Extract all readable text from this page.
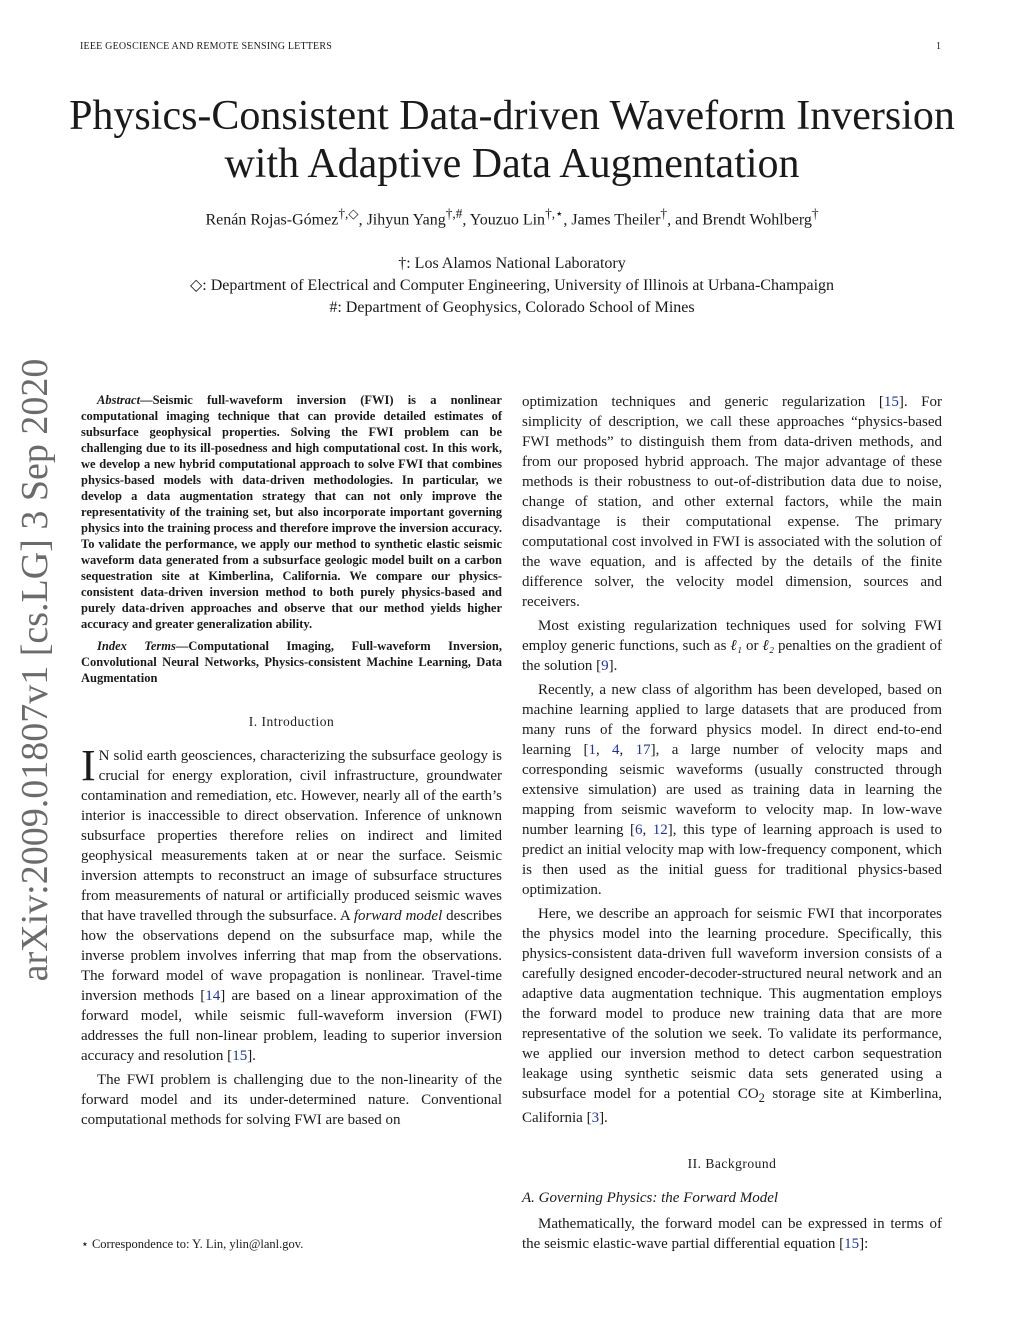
IEEE GEOSCIENCE AND REMOTE SENSING LETTERS	1
Physics-Consistent Data-driven Waveform Inversion
with Adaptive Data Augmentation
Renán Rojas-Gómez†,◇, Jihyun Yang†,#, Youzuo Lin†,⋆, James Theiler†, and Brendt Wohlberg†
†: Los Alamos National Laboratory
◇: Department of Electrical and Computer Engineering, University of Illinois at Urbana-Champaign
#: Department of Geophysics, Colorado School of Mines
arXiv:2009.01807v1 [cs.LG] 3 Sep 2020	Abstract—Seismic full-waveform inversion (FWI) is a nonlinear computational imaging technique that can provide detailed estimates of subsurface geophysical properties. Solving the FWI problem can be challenging due to its ill-posedness and high computational cost. In this work, we develop a new hybrid computational approach to solve FWI that combines physics-based models with data-driven methodologies. In particular, we develop a data augmentation strategy that can not only improve the representativity of the training set, but also incorporate important governing physics into the training process and therefore improve the inversion accuracy. To validate the performance, we apply our method to synthetic elastic seismic waveform data generated from a subsurface geologic model built on a carbon sequestration site at Kimberlina, California. We compare our physics-consistent data-driven inversion method to both purely physics-based and purely data-driven approaches and observe that our method yields higher accuracy and greater generalization ability.
Index Terms—Computational Imaging, Full-waveform Inversion, Convolutional Neural Networks, Physics-consistent Machine Learning, Data Augmentation
I. Introduction

I N solid earth geosciences, characterizing the subsurface geology is crucial for energy exploration, civil infrastructure, groundwater contamination and remediation, etc. However, nearly all of the earth’s interior is inaccessible to direct observation. Inference of unknown subsurface properties therefore relies on indirect and limited geophysical measurements taken at or near the surface. Seismic inversion attempts to reconstruct an image of subsurface structures from measurements of natural or artificially produced seismic waves that have travelled through the subsurface. A forward model describes how the observations depend on the subsurface map, while the inverse problem involves inferring that map from the observations. The forward model of wave propagation is nonlinear. Travel-time inversion methods [14] are based on a linear approximation of the forward model, while seismic full-waveform inversion (FWI) addresses the full non-linear problem, leading to superior inversion accuracy and resolution [15].

The FWI problem is challenging due to the non-linearity of the forward model and its under-determined nature. Conventional computational methods for solving FWI are based on

optimization techniques and generic regularization [15]. For simplicity of description, we call these approaches “physics-based FWI methods” to distinguish them from data-driven methods, and from our proposed hybrid approach. The major advantage of these methods is their robustness to out-of-distribution data due to noise, change of station, and other external factors, while the main disadvantage is their computational expense. The primary computational cost involved in FWI is associated with the solution of the wave equation, and is affected by the details of the finite difference solver, the velocity model dimension, sources and receivers.

Most existing regularization techniques used for solving FWI employ generic functions, such as ℓ₁ or ℓ₂ penalties on the gradient of the solution [9].

Recently, a new class of algorithm has been developed, based on machine learning applied to large datasets that are produced from many runs of the forward physics model. In direct end-to-end learning [1, 4, 17], a large number of velocity maps and corresponding seismic waveforms (usually constructed through extensive simulation) are used as training data in learning the mapping from seismic waveform to velocity map. In low-wave number learning [6, 12], this type of learning approach is used to predict an initial velocity map with low-frequency component, which is then used as the initial guess for traditional physics-based optimization.

Here, we describe an approach for seismic FWI that incorporates the physics model into the learning procedure. Specifically, this physics-consistent data-driven full waveform inversion consists of a carefully designed encoder-decoder-structured neural network and an adaptive data augmentation technique. This augmentation employs the forward model to produce new training data that are more representative of the solution we seek. To validate its performance, we applied our inversion method to detect carbon sequestration leakage using synthetic seismic data sets generated using a subsurface model for a potential $CO_2$ storage site at Kimberlina, California [3].

II. Background
A. Governing Physics: the Forward Model

Mathematically, the forward model can be expressed in terms of the seismic elastic-wave partial differential equation [15]:

⋆ Correspondence to: Y. Lin, ylin@lanl.gov.
